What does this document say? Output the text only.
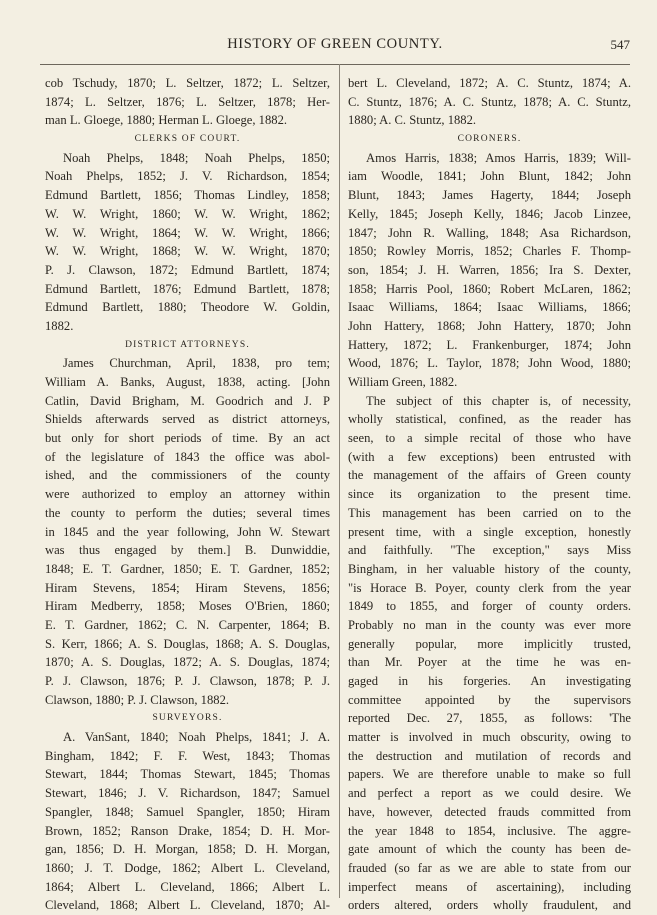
HISTORY OF GREEN COUNTY.	547
cob Tschudy, 1870; L. Seltzer, 1872; L. Seltzer,
1874; L. Seltzer, 1876; L. Seltzer, 1878; Her-
man L. Gloege, 1880; Herman L. Gloege, 1882.
CLERKS OF COURT.
Noah Phelps, 1848; Noah Phelps, 1850;
Noah Phelps, 1852; J. V. Richardson, 1854;
Edmund Bartlett, 1856; Thomas Lindley, 1858;
W. W. Wright, 1860; W. W. Wright, 1862;
W. W. Wright, 1864; W. W. Wright, 1866;
W. W. Wright, 1868; W. W. Wright, 1870;
P. J. Clawson, 1872; Edmund Bartlett, 1874;
Edmund Bartlett, 1876; Edmund Bartlett, 1878;
Edmund Bartlett, 1880; Theodore W. Goldin,
1882.
DISTRICT ATTORNEYS.
James Churchman, April, 1838, pro tem;
William A. Banks, August, 1838, acting. [John
Catlin, David Brigham, M. Goodrich and J. P
Shields afterwards served as district attorneys,
but only for short periods of time. By an act
of the legislature of 1843 the office was abol-
ished, and the commissioners of the county
were authorized to employ an attorney within
the county to perform the duties; several times
in 1845 and the year following, John W. Stewart
was thus engaged by them.] B. Dunwiddie,
1848; E. T. Gardner, 1850; E. T. Gardner, 1852;
Hiram Stevens, 1854; Hiram Stevens, 1856;
Hiram Medberry, 1858; Moses O'Brien, 1860;
E. T. Gardner, 1862; C. N. Carpenter, 1864; B.
S. Kerr, 1866; A. S. Douglas, 1868; A. S. Douglas,
1870; A. S. Douglas, 1872; A. S. Douglas, 1874;
P. J. Clawson, 1876; P. J. Clawson, 1878; P. J.
Clawson, 1880; P. J. Clawson, 1882.
SURVEYORS.
A. VanSant, 1840; Noah Phelps, 1841; J. A.
Bingham, 1842; F. F. West, 1843; Thomas
Stewart, 1844; Thomas Stewart, 1845; Thomas
Stewart, 1846; J. V. Richardson, 1847; Samuel
Spangler, 1848; Samuel Spangler, 1850; Hiram
Brown, 1852; Ranson Drake, 1854; D. H. Mor-
gan, 1856; D. H. Morgan, 1858; D. H. Morgan,
1860; J. T. Dodge, 1862; Albert L. Cleveland,
1864; Albert L. Cleveland, 1866; Albert L.
Cleveland, 1868; Albert L. Cleveland, 1870; Al-
bert L. Cleveland, 1872; A. C. Stuntz, 1874; A.
C. Stuntz, 1876; A. C. Stuntz, 1878; A. C. Stuntz,
1880; A. C. Stuntz, 1882.
CORONERS.
Amos Harris, 1838; Amos Harris, 1839; Will-
iam Woodle, 1841; John Blunt, 1842; John
Blunt, 1843; James Hagerty, 1844; Joseph
Kelly, 1845; Joseph Kelly, 1846; Jacob Linzee,
1847; John R. Walling, 1848; Asa Richardson,
1850; Rowley Morris, 1852; Charles F. Thomp-
son, 1854; J. H. Warren, 1856; Ira S. Dexter,
1858; Harris Pool, 1860; Robert McLaren, 1862;
Isaac Williams, 1864; Isaac Williams, 1866;
John Hattery, 1868; John Hattery, 1870; John
Hattery, 1872; L. Frankenburger, 1874; John
Wood, 1876; L. Taylor, 1878; John Wood, 1880;
William Green, 1882.
The subject of this chapter is, of necessity,
wholly statistical, confined, as the reader has
seen, to a simple recital of those who have
(with a few exceptions) been entrusted with
the management of the affairs of Green county
since its organization to the present time.
This management has been carried on to the
present time, with a single exception, honestly
and faithfully. "The exception," says Miss
Bingham, in her valuable history of the county,
"is Horace B. Poyer, county clerk from the year
1849 to 1855, and forger of county orders.
Probably no man in the county was ever more
generally popular, more implicitly trusted,
than Mr. Poyer at the time he was en-
gaged in his forgeries. An investigating
committee appointed by the supervisors
reported Dec. 27, 1855, as follows: 'The
matter is involved in much obscurity, owing to
the destruction and mutilation of records and
papers. We are therefore unable to make so full
and perfect a report as we could desire. We
have, however, detected frauds committed from
the year 1848 to 1854, inclusive. The aggre-
gate amount of which the county has been de-
frauded (so far as we are able to state from our
imperfect means of ascertaining), including
orders altered, orders wholly fraudulent, and
